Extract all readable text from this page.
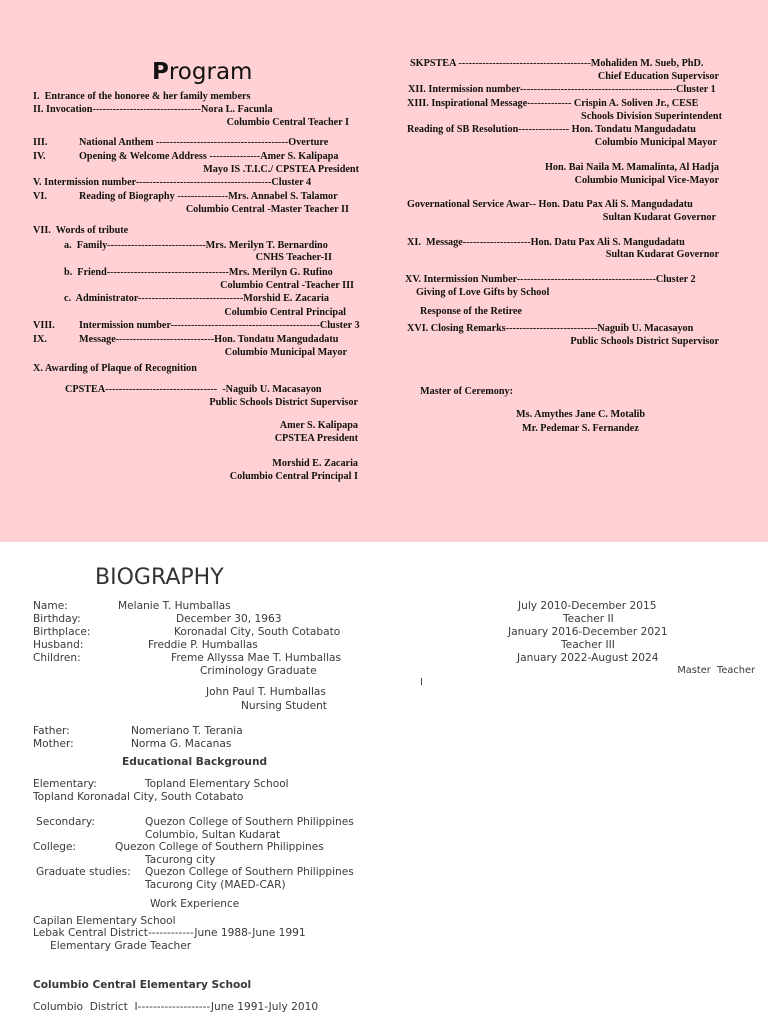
Program
I.  Entrance of the honoree & her family members
II. Invocation--------------------------------Nora L. Facunla
Columbio Central Teacher I
III.	National Anthem ---------------------------------------Overture
IV.	Opening & Welcome Address ---------------Amer S. Kalipapa
Mayo IS .T.I.C./ CPSTEA President
V. Intermission number----------------------------------------Cluster 4
VI.	Reading of Biography ---------------Mrs. Annabel S. Talamor
Columbio Central -Master Teacher II
VII.  Words of tribute
a.  Family-----------------------------Mrs. Merilyn T. Bernardino
CNHS Teacher-II
b.  Friend------------------------------------Mrs. Merilyn G. Rufino
Columbio Central -Teacher III
c.  Administrator-------------------------------Morshid E. Zacaria
Columbio Central Principal
VIII. Intermission number--------------------------------------------Cluster 3
IX.	Message-----------------------------Hon. Tondatu Mangudadatu
Columbio Municipal Mayor
X. Awarding of Plaque of Recognition
CPSTEA---------------------------------  -Naguib U. Macasayon
Public Schools District Supervisor
Amer S. Kalipapa
CPSTEA President
Morshid E. Zacaria
Columbio Central Principal I
SKPSTEA ---------------------------------------Mohaliden M. Sueb, PhD.
Chief Education Supervisor
XII. Intermission number----------------------------------------------Cluster 1
XIII. Inspirational Message------------- Crispin A. Soliven Jr., CESE
Schools Division Superintendent
Reading of SB Resolution--------------- Hon. Tondatu Mangudadatu
Columbio Municipal Mayor
Hon. Bai Naila M. Mamalinta, Al Hadja
Columbio Municipal Vice-Mayor
Governational Service Awar-- Hon. Datu Pax Ali S. Mangudadatu
Sultan Kudarat Governor
XI.  Message--------------------Hon. Datu Pax Ali S. Mangudadatu
Sultan Kudarat Governor
XV. Intermission Number-----------------------------------------Cluster 2
Giving of Love Gifts by School
Response of the Retiree
XVI. Closing Remarks---------------------------Naguib U. Macasayon
Public Schools District Supervisor
Master of Ceremony:
Ms. Amythes Jane C. Motalib
Mr. Pedemar S. Fernandez
BIOGRAPHY
Name:	Melanie T. Humballas
Birthday:	December 30, 1963
Birthplace:	Koronadal City, South Cotabato
Husband:	Freddie P. Humballas
Children:	Freme Allyssa Mae T. Humballas
Criminology Graduate
John Paul T. Humballas
Nursing Student
Father:	Nomeriano T. Terania
Mother:	Norma G. Macanas
Educational Background
Elementary:	Topland Elementary School
Topland Koronadal City, South Cotabato
Secondary:	Quezon College of Southern Philippines
Columbio, Sultan Kudarat
College:	Quezon College of Southern Philippines
Tacurong city
Graduate studies: Quezon College of Southern Philippines
Tacurong City (MAED-CAR)
Work Experience
Capilan Elementary School
Lebak Central District------------June 1988-June 1991
Elementary Grade Teacher
Columbio Central Elementary School
Columbio  District  I-------------------June 1991-July 2010
July 2010-December 2015
Teacher II
January 2016-December 2021
Teacher III
January 2022-August 2024
Master  Teacher
I
